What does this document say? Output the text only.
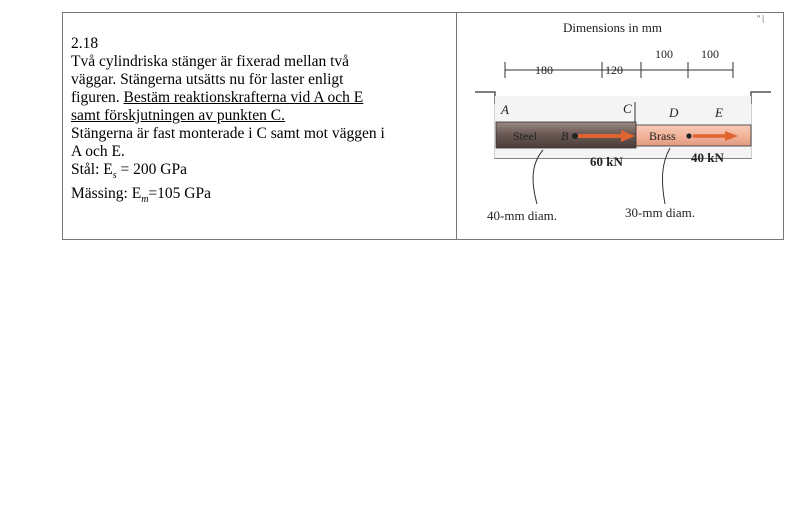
2.18
Två cylindriska stänger är fixerad mellan två
väggar. Stängerna utsätts nu för laster enligt
figuren. Bestäm reaktionskrafterna vid A och E
samt förskjutningen av punkten C.
Stängerna är fast monterade i C samt mot väggen i
A och E.
Stål: $E_s = 200$ GPa
Mässing: $E_m=105$ GPa
Dimensions in mm
" |
180	120
100 100
A	C	D	E
Steel B	Brass
60 kN	40 kN
40-mm diam.	30-mm diam.
